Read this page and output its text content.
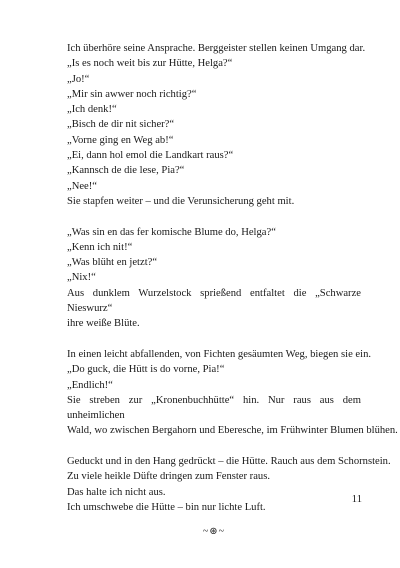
Ich überhöre seine Ansprache. Berggeister stellen keinen Umgang dar.
„Is es noch weit bis zur Hütte, Helga?“
„Jo!“
„Mir sin awwer noch richtig?“
„Ich denk!“
„Bisch de dir nit sicher?“
„Vorne ging en Weg ab!“
„Ei, dann hol emol die Landkart raus?“
„Kannsch de die lese, Pia?“
„Nee!“
Sie stapfen weiter – und die Verunsicherung geht mit.
„Was sin en das fer komische Blume do, Helga?“
„Kenn ich nit!“
„Was blüht en jetzt?“
„Nix!“
Aus dunklem Wurzelstock sprießend entfaltet die „Schwarze Nieswurz“
ihre weiße Blüte.
In einen leicht abfallenden, von Fichten gesäumten Weg, biegen sie ein.
„Do guck, die Hütt is do vorne, Pia!“
„Endlich!“
Sie streben zur „Kronenbuchhütte“ hin. Nur raus aus dem unheimlichen
Wald, wo zwischen Bergahorn und Eberesche, im Frühwinter Blumen blühen.
Geduckt und in den Hang gedrückt – die Hütte. Rauch aus dem Schornstein.
Zu viele heikle Düfte dringen zum Fenster raus.
Das halte ich nicht aus.
Ich umschwebe die Hütte – bin nur lichte Luft.
~⊛~
11
